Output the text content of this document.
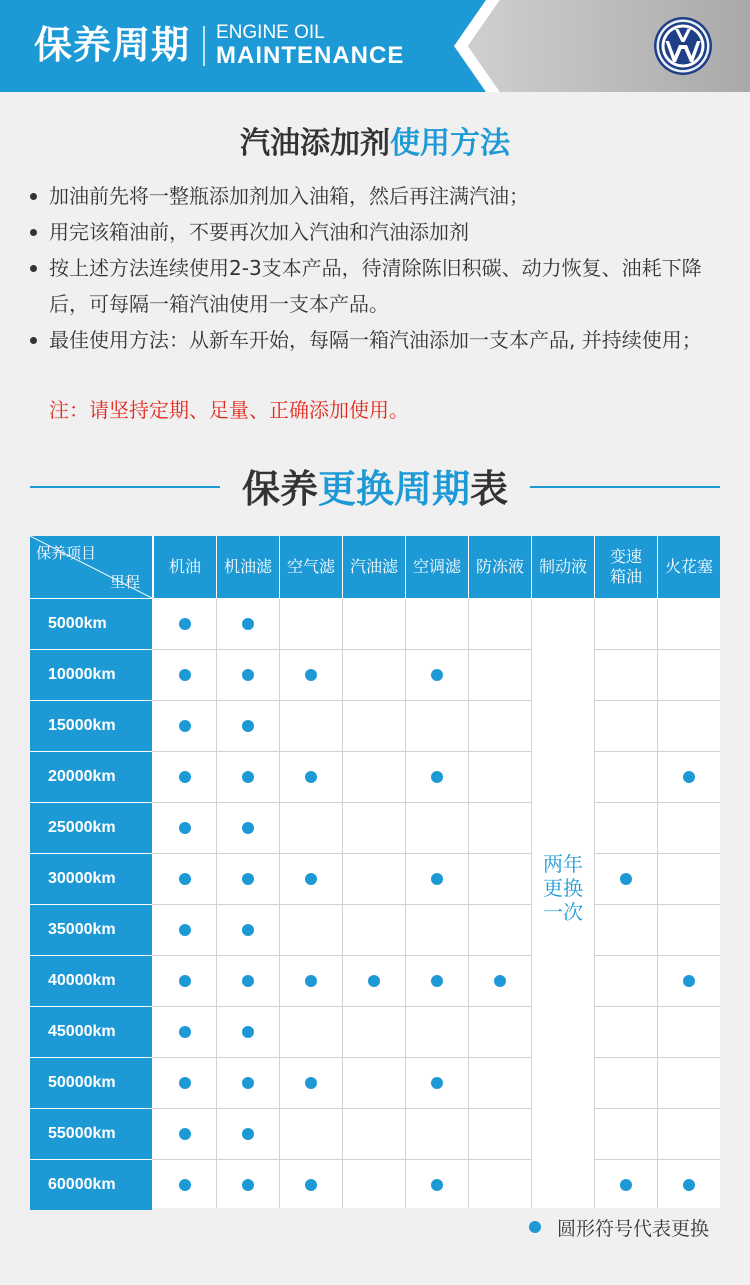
保养周期 ENGINE OIL
MAINTENANCE
汽油添加剂使用方法
加油前先将一整瓶添加剂加入油箱，然后再注满汽油；
用完该箱油前，不要再次加入汽油和汽油添加剂
按上述方法连续使用2-3支本产品，待清除陈旧积碳、动力恢复、油耗下降后，可每隔一箱汽油使用一支本产品。
最佳使用方法：从新车开始，每隔一箱汽油添加一支本产品, 并持续使用；
注：请坚持定期、足量、正确添加使用。
保养更换周期表
保养项目
里程
机油	机油滤 空气滤 汽油滤 空调滤 防冻液 制动液
变速
箱油
火花塞
5000km
10000km
15000km
20000km
25000km
30000km
35000km
40000km
45000km
50000km
55000km
60000km
两年
更换
一次
圆形符号代表更换
